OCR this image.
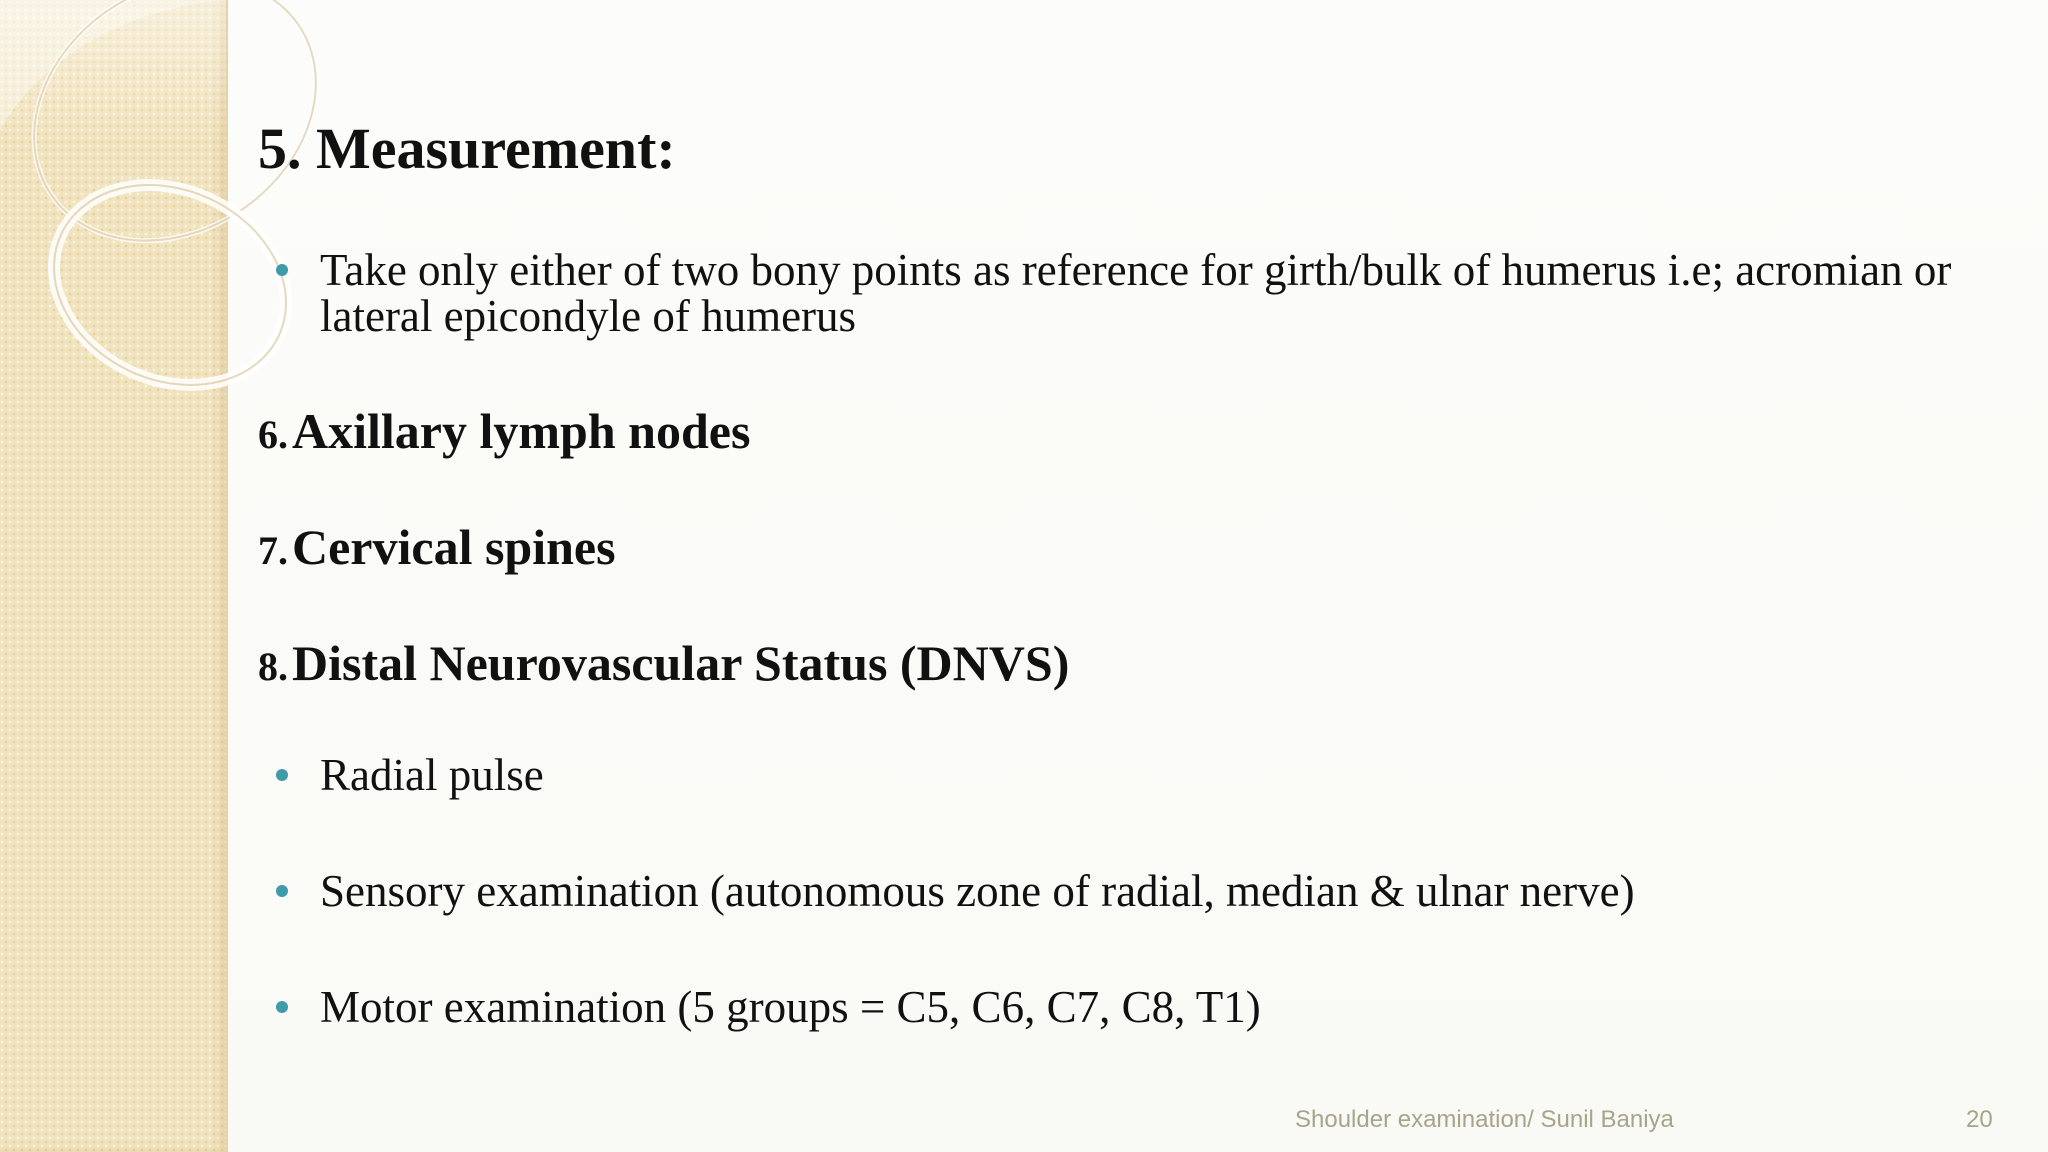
5. Measurement:
Take only either of two bony points as reference for girth/bulk of humerus i.e; acromian or lateral epicondyle of humerus
6. Axillary lymph nodes
7. Cervical spines
8. Distal Neurovascular Status (DNVS)
Radial pulse
Sensory examination (autonomous zone of radial, median & ulnar nerve)
Motor examination (5 groups = C5, C6, C7, C8, T1)
Shoulder examination/ Sunil Baniya	20
